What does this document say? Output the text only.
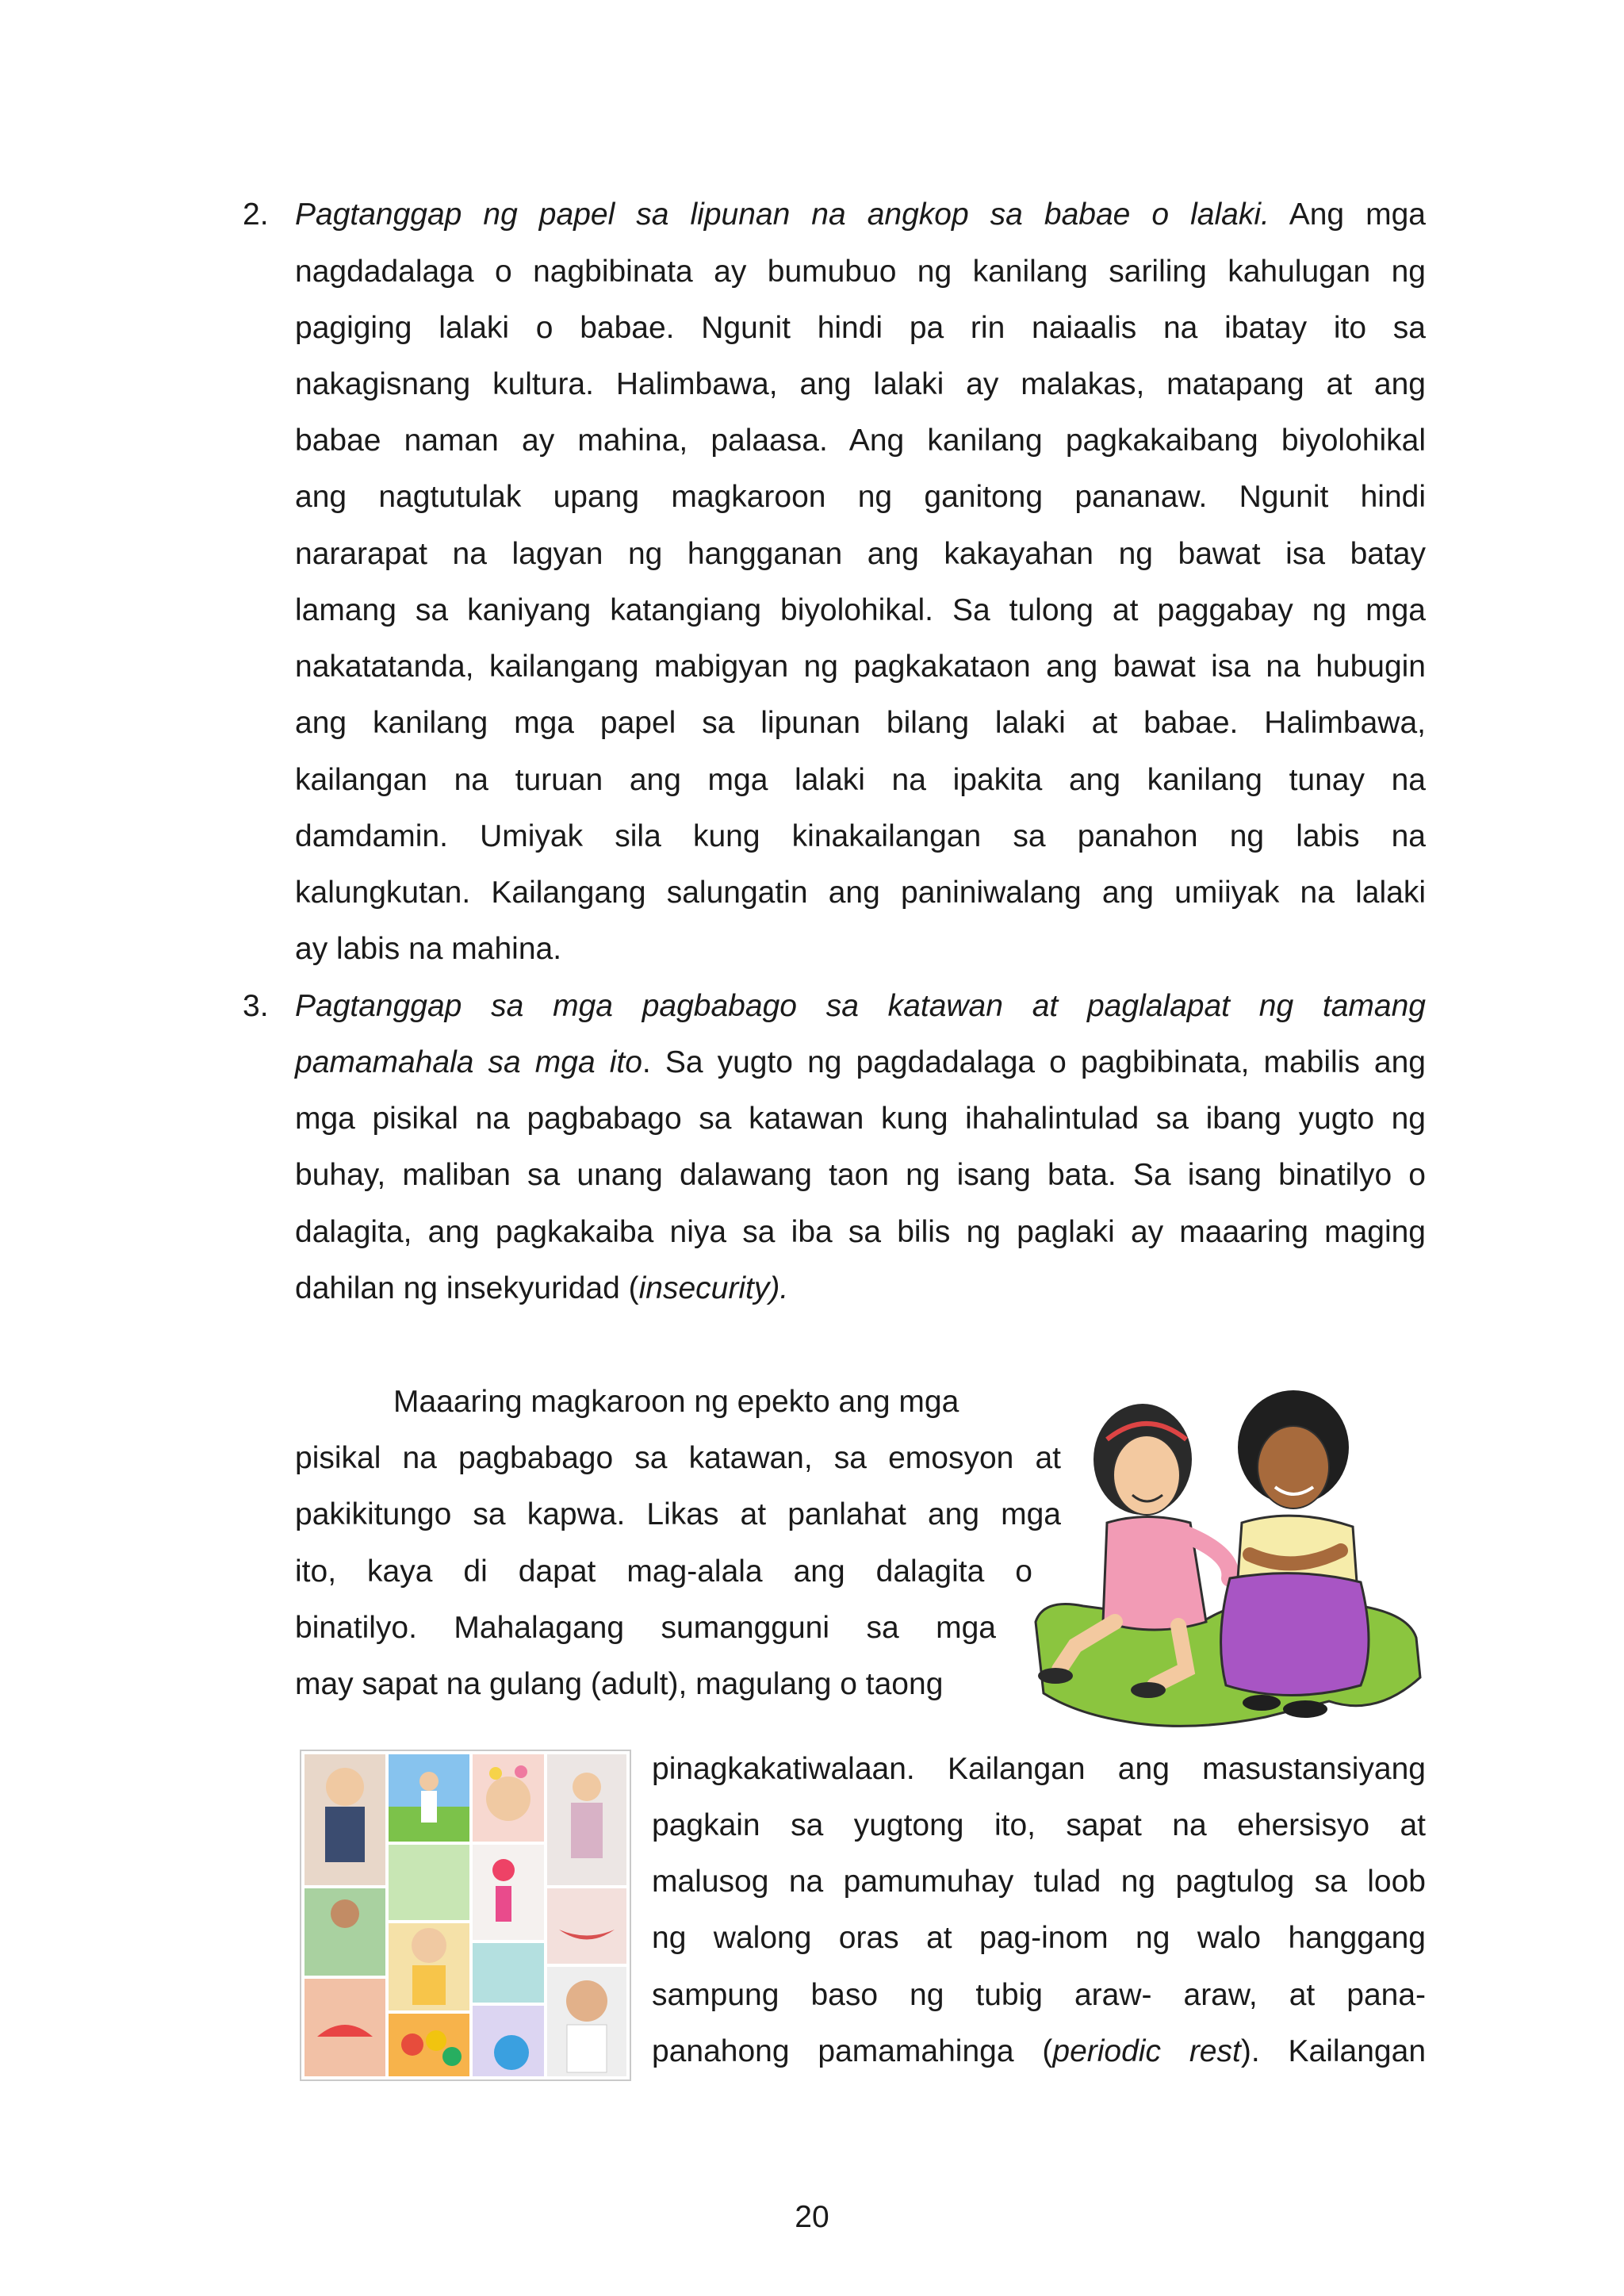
2. Pagtanggap ng papel sa lipunan na angkop sa babae o lalaki. Ang mga
nagdadalaga o nagbibinata ay bumubuo ng kanilang sariling kahulugan ng
pagiging lalaki o babae. Ngunit hindi pa rin naiaalis na ibatay ito sa
nakagisnang kultura. Halimbawa, ang lalaki ay malakas, matapang at ang
babae naman ay mahina, palaasa. Ang kanilang pagkakaibang biyolohikal
ang nagtutulak upang magkaroon ng ganitong pananaw. Ngunit hindi
nararapat na lagyan ng hangganan ang kakayahan ng bawat isa batay
lamang sa kaniyang katangiang biyolohikal. Sa tulong at paggabay ng mga
nakatatanda, kailangang mabigyan ng pagkakataon ang bawat isa na hubugin
ang kanilang mga papel sa lipunan bilang lalaki at babae. Halimbawa,
kailangan na turuan ang mga lalaki na ipakita ang kanilang tunay na
damdamin. Umiyak sila kung kinakailangan sa panahon ng labis na
kalungkutan. Kailangang salungatin ang paniniwalang ang umiiyak na lalaki
ay labis na mahina.
3. Pagtanggap sa mga pagbabago sa katawan at paglalapat ng tamang
pamamahala sa mga ito. Sa yugto ng pagdadalaga o pagbibinata, mabilis ang
mga pisikal na pagbabago sa katawan kung ihahalintulad sa ibang yugto ng
buhay, maliban sa unang dalawang taon ng isang bata. Sa isang binatilyo o
dalagita, ang pagkakaiba niya sa iba sa bilis ng paglaki ay maaaring maging
dahilan ng insekyuridad (insecurity).
Maaaring magkaroon ng epekto ang mga
pisikal na pagbabago sa katawan, sa emosyon at
pakikitungo sa kapwa. Likas at panlahat ang mga
ito, kaya di dapat mag-alala ang dalagita o
binatilyo. Mahalagang sumangguni sa mga
may sapat na gulang (adult), magulang o taong
pinagkakatiwalaan. Kailangan ang masustansiyang
pagkain sa yugtong ito, sapat na ehersisyo at
malusog na pamumuhay tulad ng pagtulog sa loob
ng walong oras at pag-inom ng walo hanggang
sampung baso ng tubig araw- araw, at pana-
panahong pamamahinga (periodic rest). Kailangan
20
